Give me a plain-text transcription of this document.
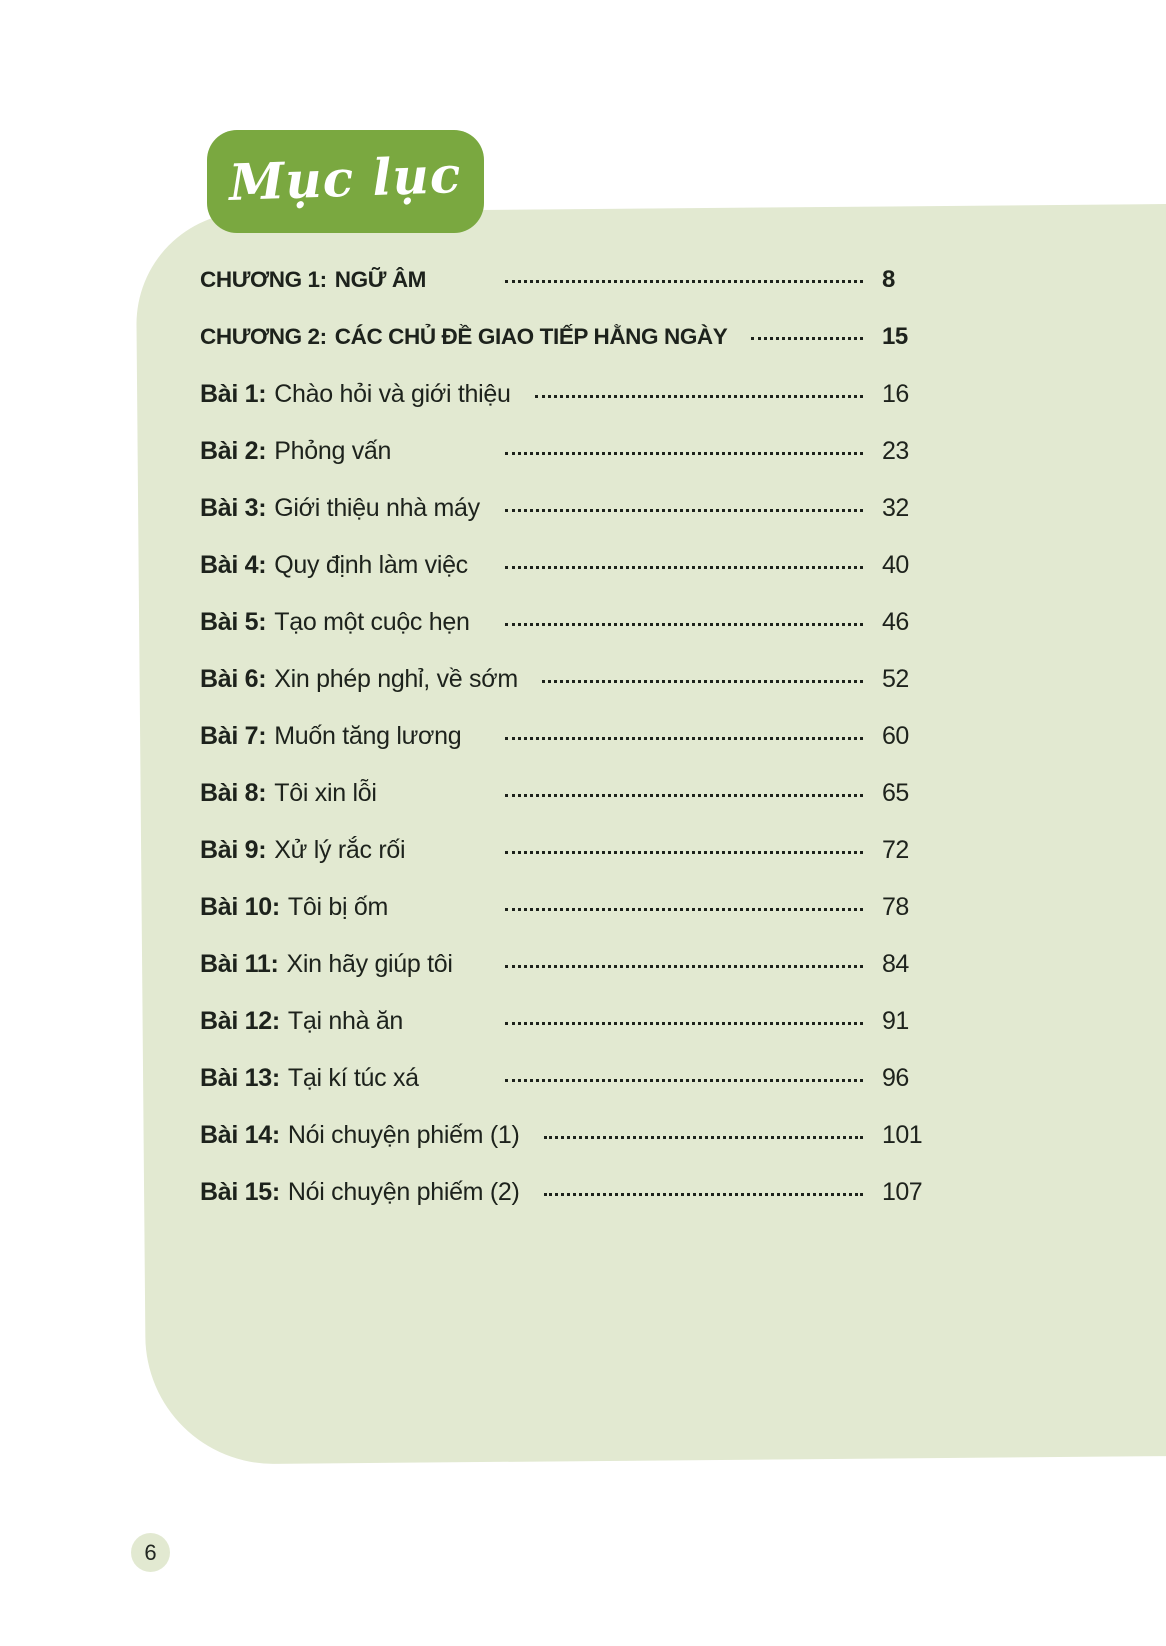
Mục lục
CHƯƠNG 1: NGỮ ÂM	8
CHƯƠNG 2: CÁC CHỦ ĐỀ GIAO TIẾP HẰNG NGÀY	15
Bài 1: Chào hỏi và giới thiệu	16
Bài 2: Phỏng vấn	23
Bài 3: Giới thiệu nhà máy	32
Bài 4: Quy định làm việc	40
Bài 5: Tạo một cuộc hẹn	46
Bài 6: Xin phép nghỉ, về sớm	52
Bài 7: Muốn tăng lương	60
Bài 8: Tôi xin lỗi	65
Bài 9: Xử lý rắc rối	72
Bài 10: Tôi bị ốm	78
Bài 11: Xin hãy giúp tôi	84
Bài 12: Tại nhà ăn	91
Bài 13: Tại kí túc xá	96
Bài 14: Nói chuyện phiếm (1)	101
Bài 15: Nói chuyện phiếm (2)	107
6
